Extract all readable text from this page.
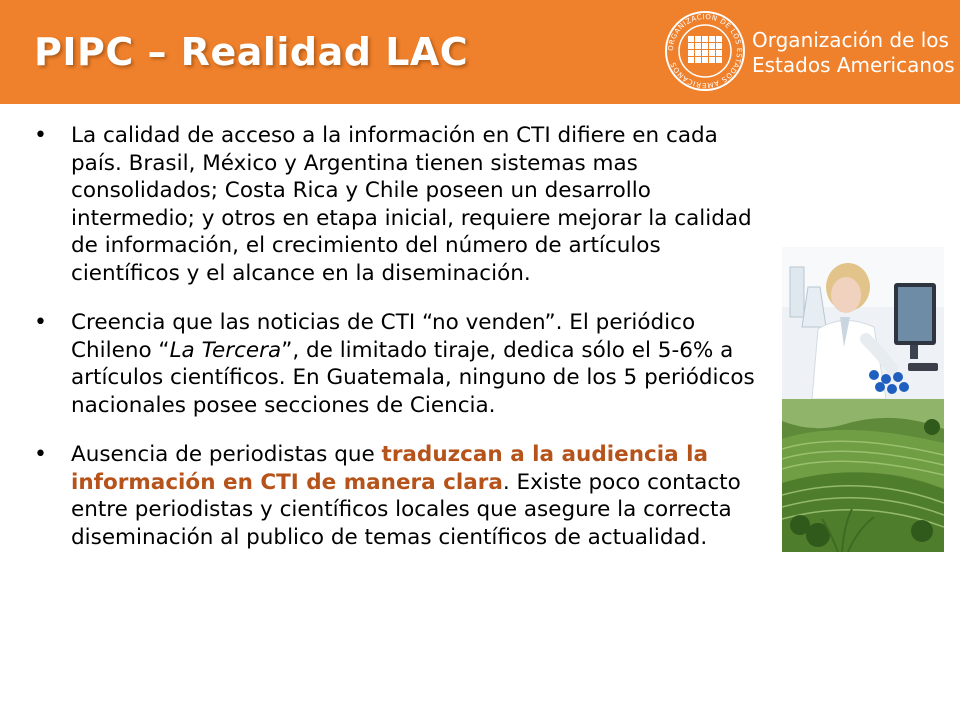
PIPC – Realidad LAC	ORGANIZACION DE LOS ESTADOS AMERICANOS
Organización de los
Estados Americanos
• La calidad de acceso a la información en CTI difiere en cada país. Brasil, México y Argentina tienen sistemas mas consolidados; Costa Rica y Chile poseen un desarrollo intermedio; y otros en etapa inicial, requiere mejorar la calidad de información, el crecimiento del número de artículos científicos y el alcance en la diseminación.
• Creencia que las noticias de CTI “no venden”. El periódico Chileno “La Tercera”, de limitado tiraje, dedica sólo el 5-6% a artículos científicos. En Guatemala, ninguno de los 5 periódicos nacionales posee secciones de Ciencia.
• Ausencia de periodistas que traduzcan a la audiencia la información en CTI de manera clara. Existe poco contacto entre periodistas y científicos locales que asegure la correcta diseminación al publico de temas científicos de actualidad.
